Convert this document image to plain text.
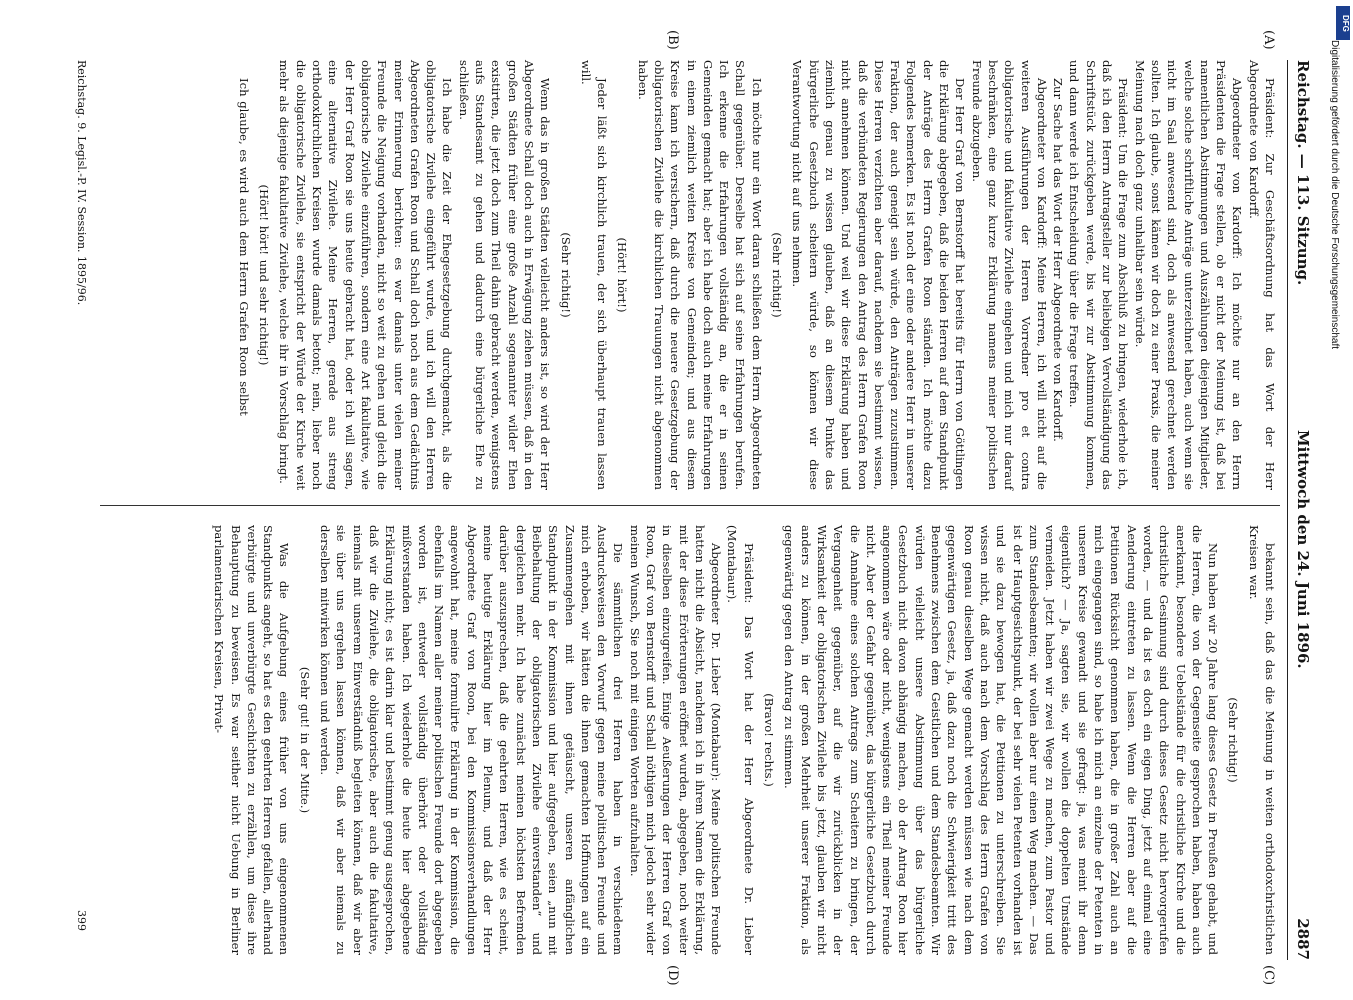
Reichstag. — 113. Sitzung.
Mittwoch den 24. Juni 1896.
2887
(A)
(B)
(C)
(D)

Präsident: Zur Geschäftsordnung hat das Wort der Herr Abgeordnete von Kardorff.

Abgeordneter von Kardorff: Ich möchte nur an den Herrn Präsidenten die Frage stellen, ob er nicht der Meinung ist, daß bei namentlichen Abstimmungen und Auszählungen diejenigen Mitglieder, welche solche schriftliche Anträge unterzeichnet haben, auch wenn sie nicht im Saal anwesend sind, doch als anwesend gerechnet werden sollten. Ich glaube, sonst kämen wir doch zu einer Praxis, die meiner Meinung nach doch ganz unhaltbar sein würde.

Präsident: Um die Frage zum Abschluß zu bringen, wiederhole ich, daß ich den Herrn Antragsteller zur beliebigen Vervollständigung das Schriftstück zurückgeben werde, bis wir zur Abstimmung kommen, und dann werde ich Entscheidung über die Frage treffen.

Zur Sache hat das Wort der Herr Abgeordnete von Kardorff.

Abgeordneter von Kardorff: Meine Herren, ich will nicht auf die weiteren Ausführungen der Herren Vorredner pro et contra obligatorische und fakultative Zivilehe eingehen und mich nur darauf beschränken, eine ganz kurze Erklärung namens meiner politischen Freunde abzugeben.

Der Herr Graf von Bernstorff hat bereits für Herrn von Göttlingen die Erklärung abgegeben, daß die beiden Herren auf dem Standpunkt der Anträge des Herrn Grafen Roon ständen. Ich möchte dazu Folgendes bemerken. Es ist noch der eine oder andere Herr in unserer Fraktion, der auch geneigt sein würde, den Anträgen zuzustimmen. Diese Herren verzichten aber darauf, nachdem sie bestimmt wissen, daß die verbündeten Regierungen den Antrag des Herrn Grafen Roon nicht annehmen können. Und weil wir diese Erklärung haben und ziemlich genau zu wissen glauben, daß an diesem Punkte das bürgerliche Gesetzbuch scheitern würde, so können wir diese Verantwortung nicht auf uns nehmen.

(Sehr richtig!)

Ich möchte nur ein Wort daran schließen dem Herrn Abgeordneten Schall gegenüber. Derselbe hat sich auf seine Erfahrungen berufen. Ich erkenne die Erfahrungen vollständig an, die er in seinen Gemeinden gemacht hat; aber ich habe doch auch meine Erfahrungen in einem ziemlich weiten Kreise von Gemeinden; und aus diesem Kreise kann ich versichern, daß durch die neuere Gesetzgebung der obligatorischen Zivilehe die kirchlichen Trauungen nicht abgenommen haben.

(Hört! hört!)

Jeder läßt sich kirchlich trauen, der sich überhaupt trauen lassen will.

(Sehr richtig!)

Wenn das in großen Städten vielleicht anders ist, so wird der Herr Abgeordnete Schall doch auch in Erwägung ziehen müssen, daß in den großen Städten früher eine große Anzahl sogenannter wilder Ehen existirten, die jetzt doch zum Theil dahin gebracht werden, wenigstens aufs Standesamt zu gehen und dadurch eine bürgerliche Ehe zu schließen.

Ich habe die Zeit der Ehegesetzgebung durchgemacht, als die obligatorische Zivilehe eingeführt wurde, und ich will den Herren Abgeordneten Grafen Roon und Schall doch noch aus dem Gedächtnis meiner Erinnerung berichten: es war damals unter vielen meiner Freunde die Neigung vorhanden, nicht so weit zu gehen und gleich die obligatorische Zivilehe einzuführen, sondern eine Art fakultative, wie der Herr Graf Roon sie uns heute gebracht hat, oder ich will sagen, eine alternative Zivilehe. Meine Herren, gerade aus streng orthodoxkirchlichen Kreisen wurde damals betont; nein, lieber noch die obligatorische Zivilehe, sie entspricht der Würde der Kirche weit mehr als diejenige fakultative Zivilehe, welche ihr in Vorschlag bringt.

(Hört! hört! und sehr richtig!)

Ich glaube, es wird auch dem Herrn Grafen Roon selbst

bekannt sein, daß das die Meinung in weiten orthodoxchristlichen Kreisen war.

(Sehr richtig!)

Nun haben wir 20 Jahre lang dieses Gesetz in Preußen gehabt, und die Herren, die von der Gegenseite gesprochen haben, haben auch anerkannt, besondere Uebelstände für die christliche Kirche und die christliche Gesinnung sind durch dieses Gesetz nicht hervorgerufen worden, — und da ist es doch ein eigen Ding, jetzt auf einmal eine Aenderung eintreten zu lassen. Wenn die Herren aber auf die Petitionen Rücksicht genommen haben, die in großer Zahl auch an mich eingegangen sind, so habe ich mich an einzelne der Petenten in unserem Kreise gewandt und sie gefragt: ja, was meint ihr denn eigentlich? — Ja, sagten sie, wir wollen die doppelten Umstände vermeiden. Jetzt haben wir zwei Wege zu machen, zum Pastor und zum Standesbeamten; wir wollen aber nur einen Weg machen. — Das ist der Hauptgesichtspunkt, der bei sehr vielen Petenten vorhanden ist und sie dazu bewogen hat, die Petitionen zu unterschreiben. Sie wissen nicht, daß auch nach dem Vorschlag des Herrn Grafen von Roon genau dieselben Wege gemacht werden müssen wie nach dem gegenwärtigen Gesetz, ja, daß dazu noch die Schwierigkeit tritt des Benehmens zwischen dem Geistlichen und dem Standesbeamten. Wir würden vielleicht unsere Abstimmung über das bürgerliche Gesetzbuch nicht davon abhängig machen, ob der Antrag Roon hier angenommen wäre oder nicht, wenigstens ein Theil meiner Freunde nicht. Aber der Gefahr gegenüber, das bürgerliche Gesetzbuch durch die Annahme eines solchen Antrags zum Scheitern zu bringen, der Vergangenheit gegenüber, auf die wir zurückblicken in der Wirksamkeit der obligatorischen Zivilehe bis jetzt, glauben wir nicht anders zu können, in der großen Mehrheit unserer Fraktion, als gegenwärtig gegen den Antrag zu stimmen.

(Bravo! rechts.)

Präsident: Das Wort hat der Herr Abgeordnete Dr. Lieber (Montabaur).

Abgeordneter Dr. Lieber (Montabaur): Meine politischen Freunde hatten nicht die Absicht, nachdem ich in ihrem Namen die Erklärung, mit der diese Erörterungen eröffnet wurden, abgegeben, noch weiter in dieselben einzugreifen. Einige Aeußerungen der Herren Graf von Roon, Graf von Bernstorff und Schall nöthigen mich jedoch sehr wider meinen Wunsch, Sie noch mit einigen Worten aufzuhalten.

Die sämmtlichen drei Herren haben in verschiedenem Ausdrucksweisen den Vorwurf gegen meine politischen Freunde und mich erhoben, wir hätten die ihnen gemachten Hoffnungen auf ein Zusammengehen mit ihnen getäuscht, unseren anfänglichen Standpunkt in der Kommission und hier aufgegeben, seien „nun mit Beibehaltung der obligatorischen Zivilehe einverstanden“ und dergleichen mehr. Ich habe zunächst meinen höchsten Befremden darüber auszusprechen, daß die geehrten Herren, wie es scheint, meine heutige Erklärung hier im Plenum, und daß der Herr Abgeordnete Graf von Roon, bei den Kommissionsverhandlungen angewohnt hat, meine formulirte Erklärung in der Kommission, die ebenfalls im Namen aller meiner politischen Freunde dort abgegeben worden ist, entweder vollständig überhört oder vollständig mißverstanden haben. Ich wiederhole die heute hier abgegebene Erklärung nicht; es ist darin klar und bestimmt genug ausgesprochen, daß wir die Zivilehe, die obligatorische, aber auch die fakultative, niemals mit unserem Einverständniß begleiten können, daß wir aber sie über uns ergehen lassen können, daß wir aber niemals zu derselben mitwirken können und werden.

(Sehr gut! in der Mitte.)

Was die Aufgebung eines früher von uns eingenommenen Standpunkts angeht, so hat es den geehrten Herren gefallen, allerhand verbürgte und unverbürgte Geschichten zu erzählen, um diese ihre Behauptung zu beweisen. Es war seither nicht Uebung in Berliner parlamentarischen Kreisen, Privat-

Reichstag. 9. Legisl.-P. IV. Session. 1895/96.
399
DFG
Digitalisierung gefördert durch die Deutsche Forschungsgemeinschaft
